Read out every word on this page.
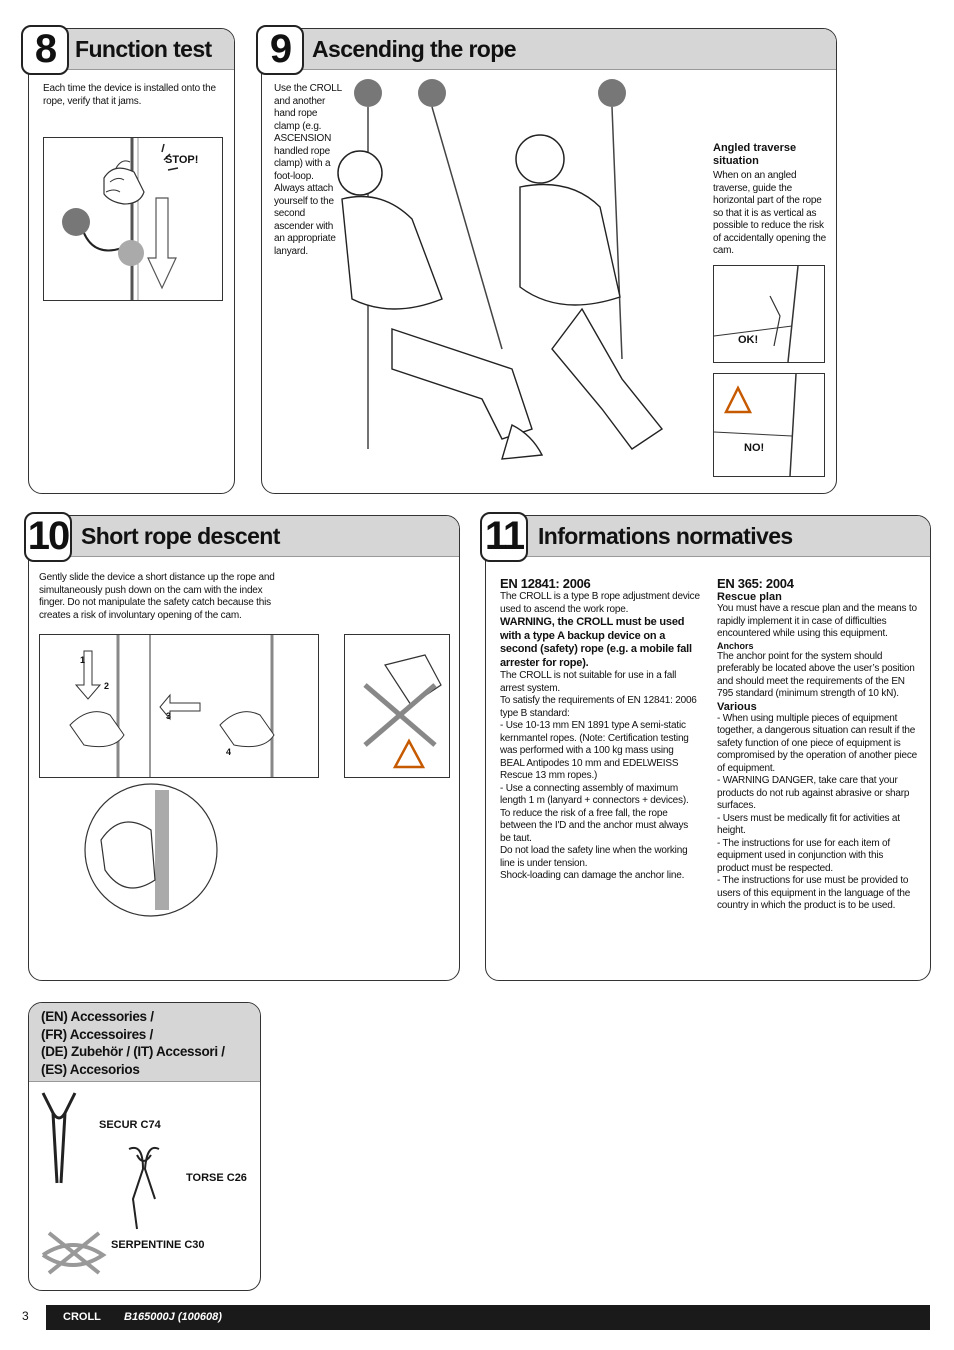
Function test
Each time the device is installed onto the rope, verify that it jams.
STOP!
8	Ascending the rope
Use the CROLL and another hand rope clamp (e.g. ASCENSION handled rope clamp) with a foot-loop. Always attach yourself to the second ascender with an appropriate lanyard.
Angled traverse situation
When on an angled traverse, guide the horizontal part of the rope so that it is as vertical as possible to reduce the risk of accidentally opening the cam.
OK!
NO!
9
Short rope descent
Gently slide the device a short distance up the rope and simultaneously push down on the cam with the index finger. Do not manipulate the safety catch because this creates a risk of involuntary opening of the cam.
1
2
3
4
10	Informations normatives
EN 12841: 2006
The CROLL is a type B rope adjustment device used to ascend the work rope.
WARNING, the CROLL must be used with a type A backup device on a second (safety) rope (e.g. a mobile fall arrester for rope).
The CROLL is not suitable for use in a fall arrest system.
To satisfy the requirements of EN 12841: 2006 type B standard:
- Use 10-13 mm EN 1891 type A semi-static kernmantel ropes. (Note: Certification testing was performed with a 100 kg mass using BEAL Antipodes 10 mm and EDELWEISS Rescue 13 mm ropes.)
- Use a connecting assembly of maximum length 1 m (lanyard + connectors + devices). To reduce the risk of a free fall, the rope between the I'D and the anchor must always be taut.
Do not load the safety line when the working line is under tension.
Shock-loading can damage the anchor line.
EN 365: 2004
Rescue plan
You must have a rescue plan and the means to rapidly implement it in case of difficulties encountered while using this equipment.
Anchors
The anchor point for the system should preferably be located above the user’s position and should meet the requirements of the EN 795 standard (minimum strength of 10 kN).
Various
- When using multiple pieces of equipment together, a dangerous situation can result if the safety function of one piece of equipment is compromised by the operation of another piece of equipment.
- WARNING DANGER, take care that your products do not rub against abrasive or sharp surfaces.
- Users must be medically fit for activities at height.
- The instructions for use for each item of equipment used in conjunction with this product must be respected.
- The instructions for use must be provided to users of this equipment in the language of the country in which the product is to be used.
11
(EN) Accessories /
(FR) Accessoires /
(DE) Zubehör / (IT) Accessori /
(ES) Accesorios
SECUR C74
TORSE C26
SERPENTINE C30
3	CROLL B165000J (100608)
